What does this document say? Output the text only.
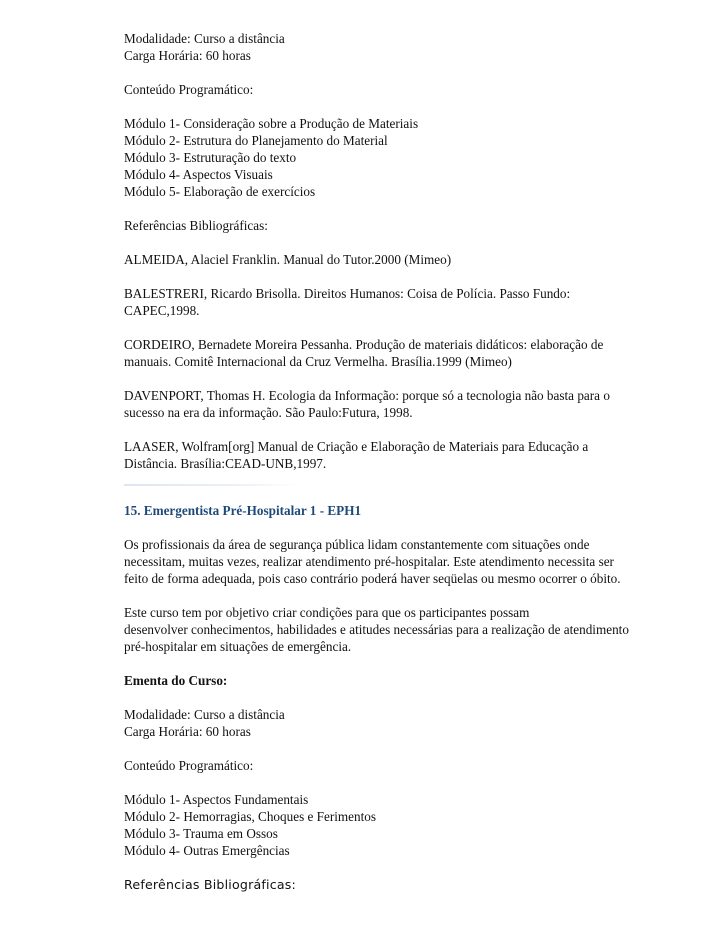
Modalidade: Curso a distância

Carga Horária: 60 horas

Conteúdo Programático:

Módulo 1- Consideração sobre a Produção de Materiais

Módulo 2- Estrutura do Planejamento do Material

Módulo 3- Estruturação do texto

Módulo 4- Aspectos Visuais

Módulo 5- Elaboração de exercícios

Referências Bibliográficas:

ALMEIDA, Alaciel Franklin. Manual do Tutor.2000 (Mimeo)

BALESTRERI, Ricardo Brisolla. Direitos Humanos: Coisa de Polícia. Passo Fundo:

CAPEC,1998.

CORDEIRO, Bernadete Moreira Pessanha. Produção de materiais didáticos: elaboração de

manuais. Comitê Internacional da Cruz Vermelha. Brasília.1999 (Mimeo)

DAVENPORT, Thomas H. Ecologia da Informação: porque só a tecnologia não basta para o

sucesso na era da informação. São Paulo:Futura, 1998.

LAASER, Wolfram[org] Manual de Criação e Elaboração de Materiais para Educação a

Distância. Brasília:CEAD-UNB,1997.

15. Emergentista Pré-Hospitalar 1 - EPH1

Os profissionais da área de segurança pública lidam constantemente com situações onde

necessitam, muitas vezes, realizar atendimento pré-hospitalar. Este atendimento necessita ser

feito de forma adequada, pois caso contrário poderá haver seqüelas ou mesmo ocorrer o óbito.

Este curso tem por objetivo criar condições para que os participantes possam

desenvolver conhecimentos, habilidades e atitudes necessárias para a realização de atendimento

pré-hospitalar em situações de emergência.

Ementa do Curso:

Modalidade: Curso a distância

Carga Horária: 60 horas

Conteúdo Programático:

Módulo 1- Aspectos Fundamentais

Módulo 2- Hemorragias, Choques e Ferimentos

Módulo 3- Trauma em Ossos

Módulo 4- Outras Emergências

Referências Bibliográficas:
